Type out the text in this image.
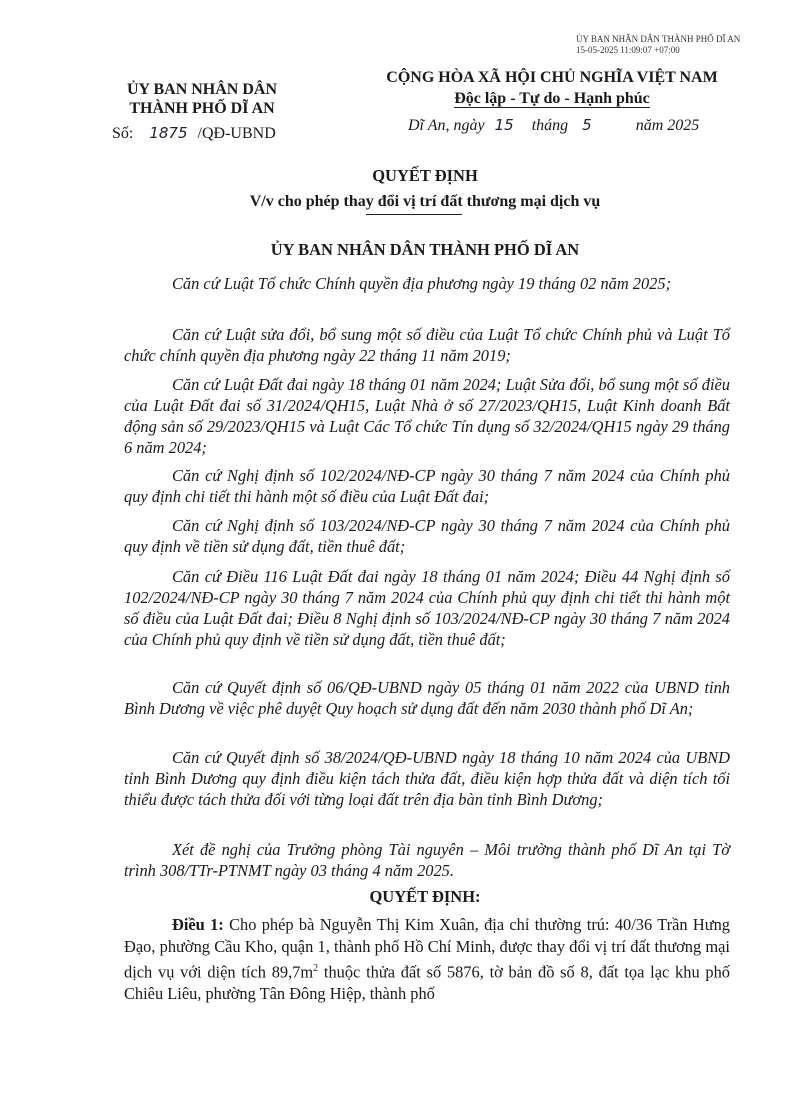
ỦY BAN NHÂN DÂN THÀNH PHỐ DĨ AN
15-05-2025 11:09:07 +07:00
ỦY BAN NHÂN DÂN
THÀNH PHỐ DĨ AN
Số: 1875 /QĐ-UBND
CỘNG HÒA XÃ HỘI CHỦ NGHĨA VIỆT NAM
Độc lập - Tự do - Hạnh phúc
Dĩ An, ngày 15 tháng 5	năm 2025
QUYẾT ĐỊNH
V/v cho phép thay đổi vị trí đất thương mại dịch vụ
ỦY BAN NHÂN DÂN THÀNH PHỐ DĨ AN
Căn cứ Luật Tổ chức Chính quyền địa phương ngày 19 tháng 02 năm 2025;
Căn cứ Luật sửa đổi, bổ sung một số điều của Luật Tổ chức Chính phủ và Luật Tổ chức chính quyền địa phương ngày 22 tháng 11 năm 2019;
Căn cứ Luật Đất đai ngày 18 tháng 01 năm 2024; Luật Sửa đổi, bổ sung một số điều của Luật Đất đai số 31/2024/QH15, Luật Nhà ở số 27/2023/QH15, Luật Kinh doanh Bất động sản số 29/2023/QH15 và Luật Các Tổ chức Tín dụng số 32/2024/QH15 ngày 29 tháng 6 năm 2024;
Căn cứ Nghị định số 102/2024/NĐ-CP ngày 30 tháng 7 năm 2024 của Chính phủ quy định chi tiết thi hành một số điều của Luật Đất đai;
Căn cứ Nghị định số 103/2024/NĐ-CP ngày 30 tháng 7 năm 2024 của Chính phủ quy định về tiền sử dụng đất, tiền thuê đất;
Căn cứ Điều 116 Luật Đất đai ngày 18 tháng 01 năm 2024; Điều 44 Nghị định số 102/2024/NĐ-CP ngày 30 tháng 7 năm 2024 của Chính phủ quy định chi tiết thi hành một số điều của Luật Đất đai; Điều 8 Nghị định số 103/2024/NĐ-CP ngày 30 tháng 7 năm 2024 của Chính phủ quy định về tiền sử dụng đất, tiền thuê đất;
Căn cứ Quyết định số 06/QĐ-UBND ngày 05 tháng 01 năm 2022 của UBND tỉnh Bình Dương về việc phê duyệt Quy hoạch sử dụng đất đến năm 2030 thành phố Dĩ An;
Căn cứ Quyết định số 38/2024/QĐ-UBND ngày 18 tháng 10 năm 2024 của UBND tỉnh Bình Dương quy định điều kiện tách thửa đất, điều kiện hợp thửa đất và diện tích tối thiểu được tách thửa đối với từng loại đất trên địa bàn tỉnh Bình Dương;
Xét đề nghị của Trưởng phòng Tài nguyên – Môi trường thành phố Dĩ An tại Tờ trình 308/TTr-PTNMT ngày 03 tháng 4 năm 2025.
QUYẾT ĐỊNH:
Điều 1: Cho phép bà Nguyễn Thị Kim Xuân, địa chỉ thường trú: 40/36 Trần Hưng Đạo, phường Cầu Kho, quận 1, thành phố Hồ Chí Minh, được thay đổi vị trí đất thương mại dịch vụ với diện tích $89,7m^2$ thuộc thửa đất số 5876, tờ bản đồ số 8, đất tọa lạc khu phố Chiêu Liêu, phường Tân Đông Hiệp, thành phố
